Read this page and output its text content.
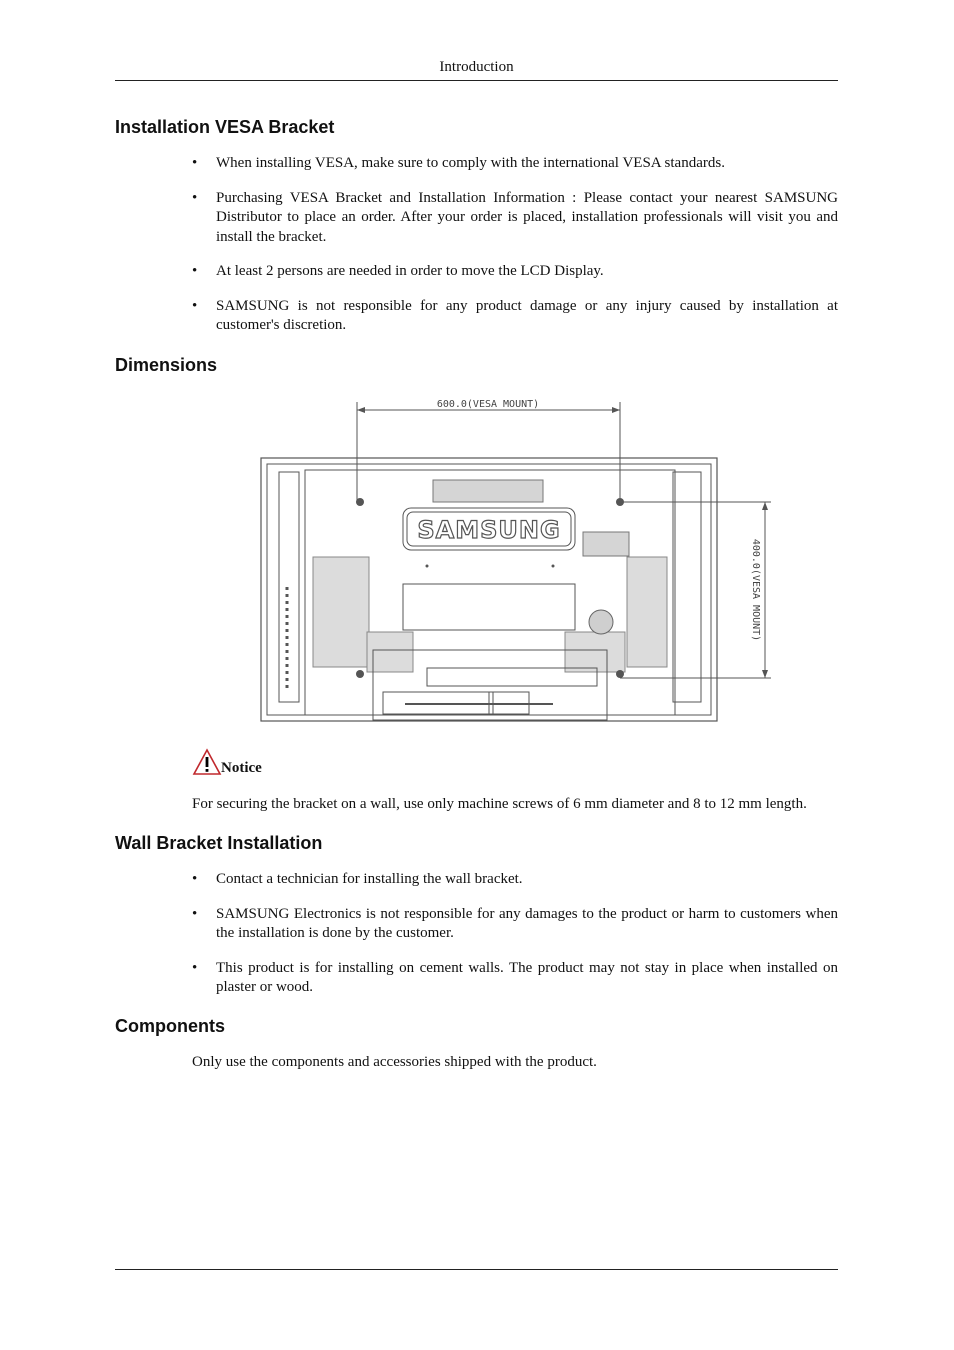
Introduction
Installation VESA Bracket
• When installing VESA, make sure to comply with the international VESA standards.
• Purchasing VESA Bracket and Installation Information : Please contact your nearest SAMSUNG Distributor to place an order. After your order is placed, installation professionals will visit you and install the bracket.
• At least 2 persons are needed in order to move the LCD Display.
• SAMSUNG is not responsible for any product damage or any injury caused by installation at customer's discretion.
Dimensions
600.0(VESA MOUNT)
SAMSUNG
400.0(VESA MOUNT)
Notice

For securing the bracket on a wall, use only machine screws of 6 mm diameter and 8 to 12 mm length.

Wall Bracket Installation
• Contact a technician for installing the wall bracket.
• SAMSUNG Electronics is not responsible for any damages to the product or harm to customers when the installation is done by the customer.
• This product is for installing on cement walls. The product may not stay in place when installed on plaster or wood.
Components

Only use the components and accessories shipped with the product.
